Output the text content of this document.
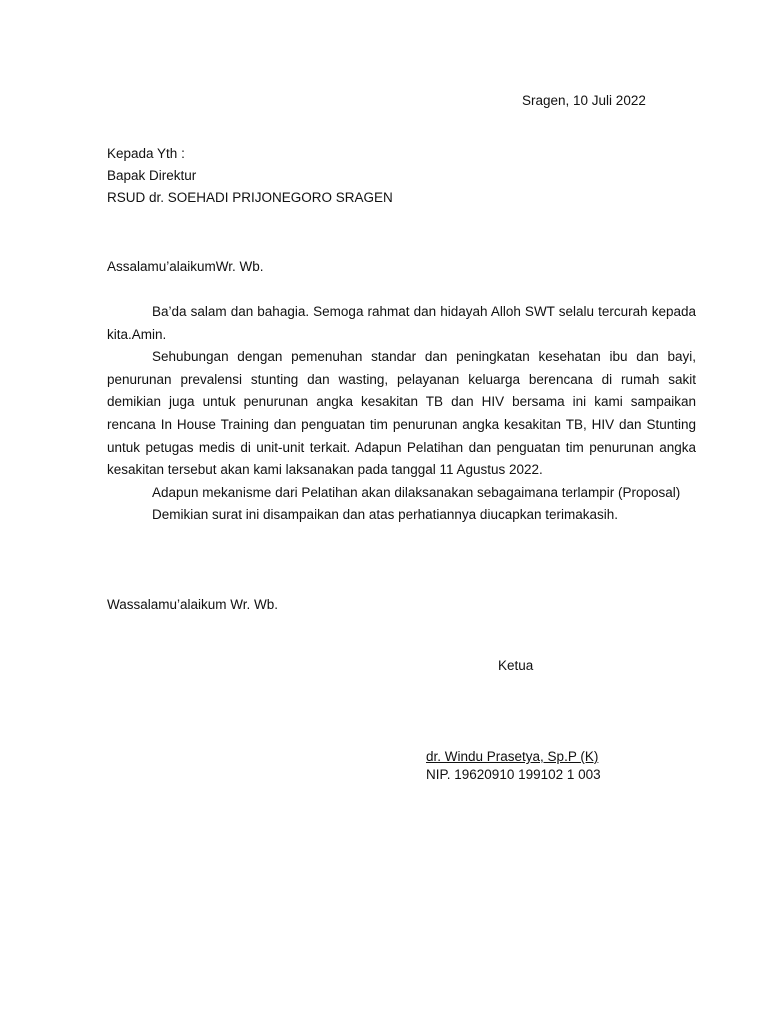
Sragen, 10 Juli 2022
Kepada Yth :
Bapak Direktur
RSUD dr. SOEHADI PRIJONEGORO SRAGEN
Assalamu’alaikumWr. Wb.

Ba’da salam dan bahagia. Semoga rahmat dan hidayah Alloh SWT selalu tercurah kepada kita.Amin.

Sehubungan dengan pemenuhan standar dan peningkatan kesehatan ibu dan bayi, penurunan prevalensi stunting dan wasting, pelayanan keluarga berencana di rumah sakit demikian juga untuk penurunan angka kesakitan TB dan HIV bersama ini kami sampaikan rencana In House Training dan penguatan tim penurunan angka kesakitan TB, HIV dan Stunting untuk petugas medis di unit-unit terkait. Adapun Pelatihan dan penguatan tim penurunan angka kesakitan tersebut akan kami laksanakan pada tanggal 11 Agustus 2022.

Adapun mekanisme dari Pelatihan akan dilaksanakan sebagaimana terlampir (Proposal)

Demikian surat ini disampaikan dan atas perhatiannya diucapkan terimakasih.

Wassalamu’alaikum Wr. Wb.
Ketua
dr. Windu Prasetya, Sp.P (K)
NIP. 19620910 199102 1 003
